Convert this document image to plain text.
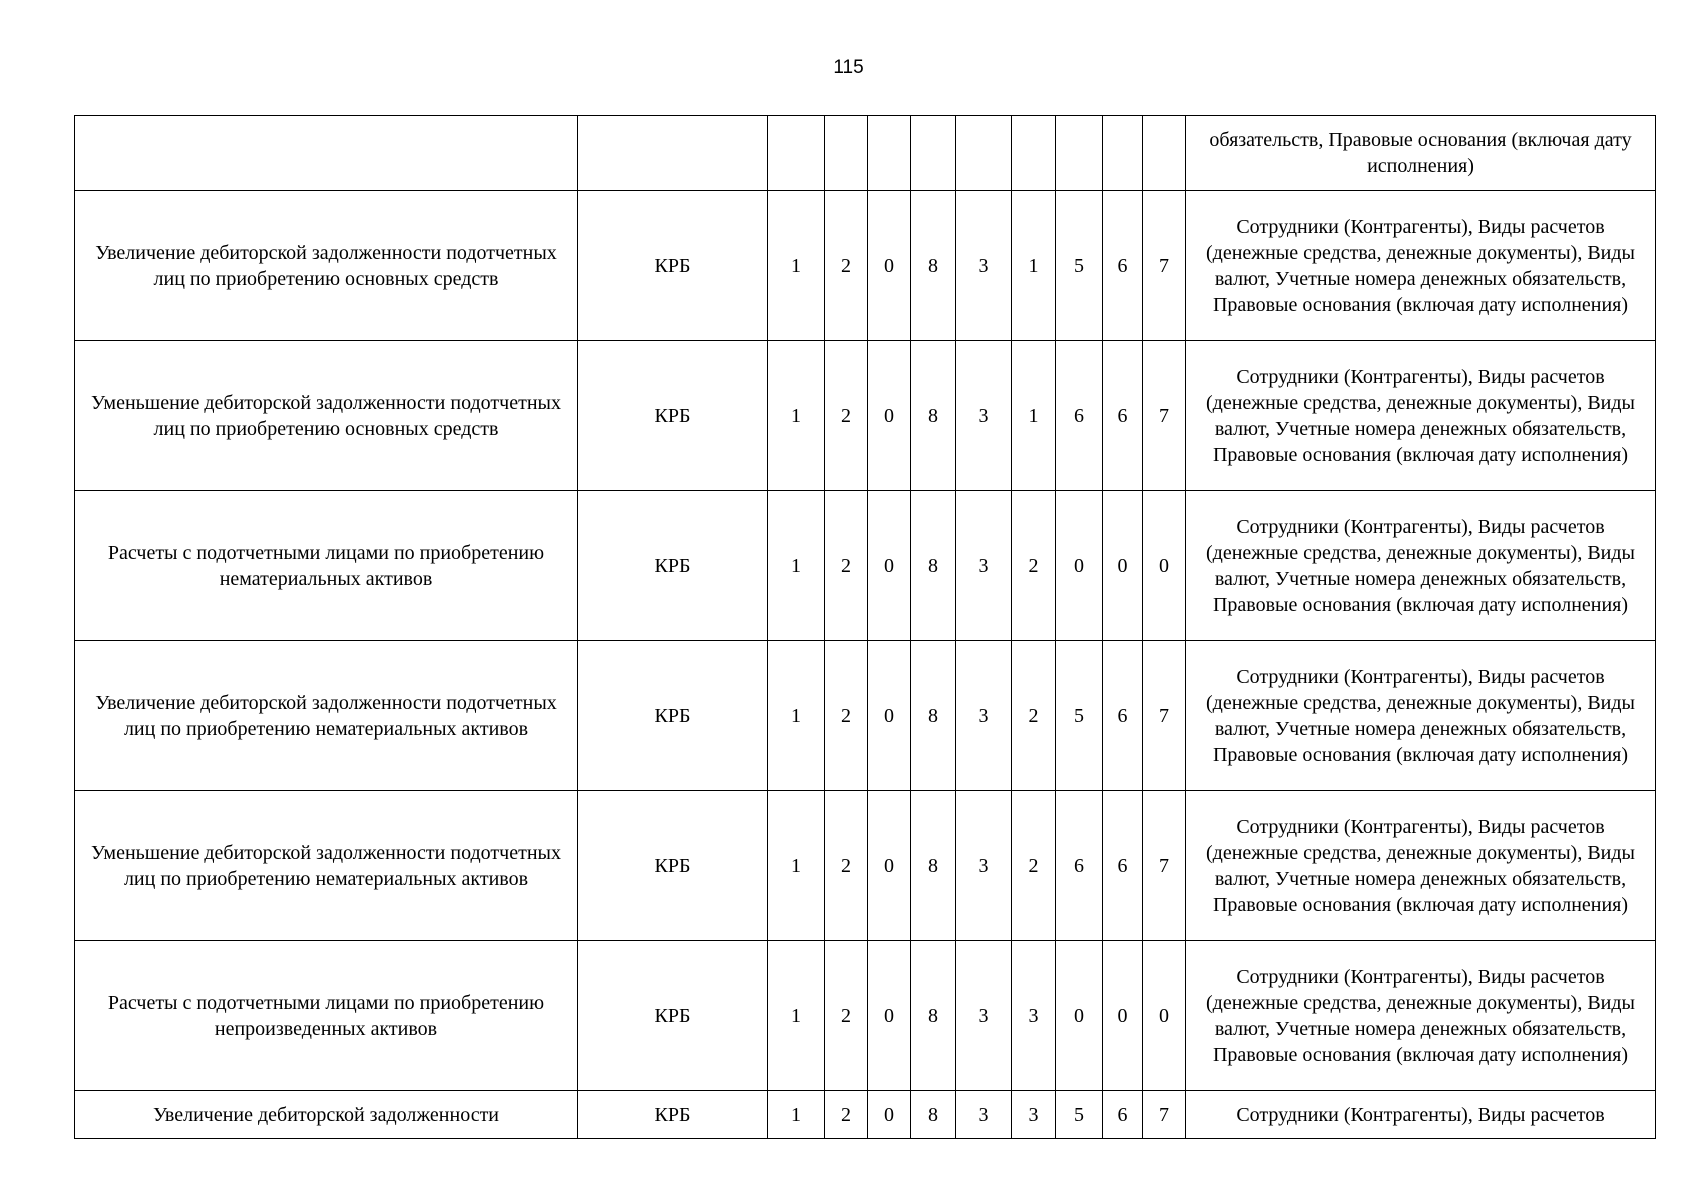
115
											обязательств, Правовые основания (включая дату исполнения)
Увеличение дебиторской задолженности подотчетных лиц по приобретению основных средств	КРБ	1	2	0	8	3	1	5	6	7	Сотрудники (Контрагенты), Виды расчетов (денежные средства, денежные документы), Виды валют, Учетные номера денежных обязательств, Правовые основания (включая дату исполнения)
Уменьшение дебиторской задолженности подотчетных лиц по приобретению основных средств	КРБ	1	2	0	8	3	1	6	6	7	Сотрудники (Контрагенты), Виды расчетов (денежные средства, денежные документы), Виды валют, Учетные номера денежных обязательств, Правовые основания (включая дату исполнения)
Расчеты с подотчетными лицами по приобретению нематериальных активов	КРБ	1	2	0	8	3	2	0	0	0	Сотрудники (Контрагенты), Виды расчетов (денежные средства, денежные документы), Виды валют, Учетные номера денежных обязательств, Правовые основания (включая дату исполнения)
Увеличение дебиторской задолженности подотчетных лиц по приобретению нематериальных активов	КРБ	1	2	0	8	3	2	5	6	7	Сотрудники (Контрагенты), Виды расчетов (денежные средства, денежные документы), Виды валют, Учетные номера денежных обязательств, Правовые основания (включая дату исполнения)
Уменьшение дебиторской задолженности подотчетных лиц по приобретению нематериальных активов	КРБ	1	2	0	8	3	2	6	6	7	Сотрудники (Контрагенты), Виды расчетов (денежные средства, денежные документы), Виды валют, Учетные номера денежных обязательств, Правовые основания (включая дату исполнения)
Расчеты с подотчетными лицами по приобретению непроизведенных активов	КРБ	1	2	0	8	3	3	0	0	0	Сотрудники (Контрагенты), Виды расчетов (денежные средства, денежные документы), Виды валют, Учетные номера денежных обязательств, Правовые основания (включая дату исполнения)
Увеличение дебиторской задолженности	КРБ	1	2	0	8	3	3	5	6	7	Сотрудники (Контрагенты), Виды расчетов
